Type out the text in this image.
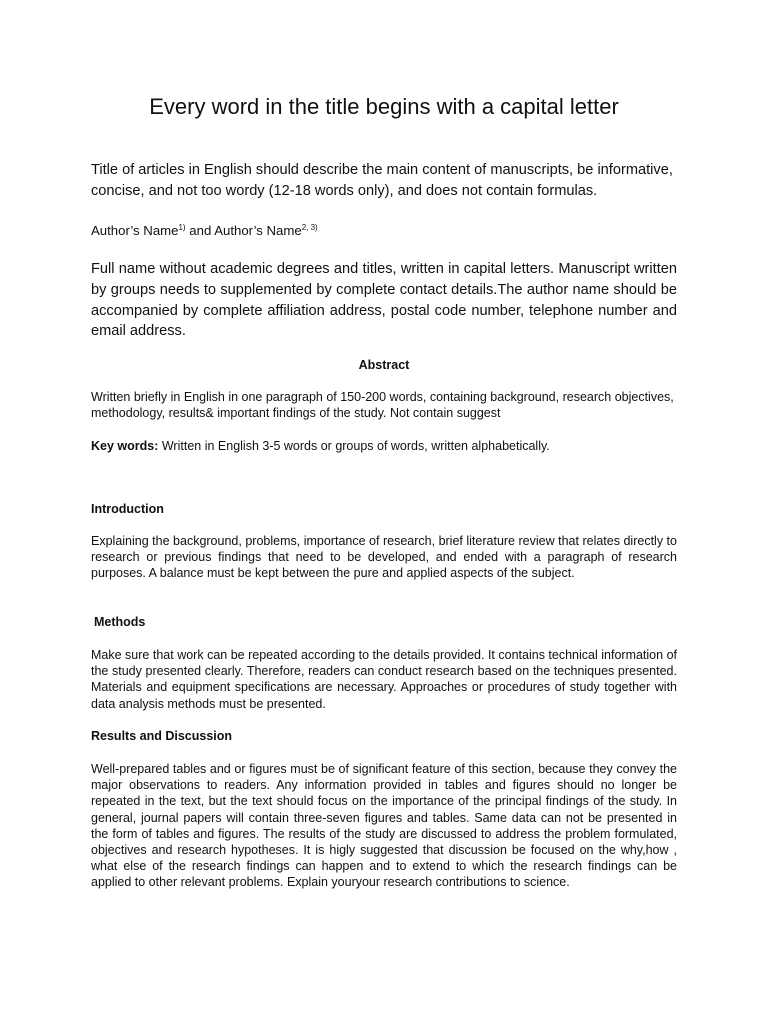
Every word in the title begins with a capital letter

Title of articles in English should describe the main content of manuscripts, be informative, concise, and not too wordy (12-18 words only), and does not contain formulas.

Author’s Name$^{1)}$ and Author’s Name$^{2, 3)}$

Full name without academic degrees and titles, written in capital letters. Manuscript written by groups needs to supplemented by complete contact details.The author name should be accompanied by complete affiliation address, postal code number, telephone number and email address.

Abstract

Written briefly in English in one paragraph of 150-200 words, containing background, research objectives, methodology, results& important findings of the study. Not contain suggest

Key words: Written in English 3-5 words or groups of words, written alphabetically.

Introduction

Explaining the background, problems, importance of research, brief literature review that relates directly to research or previous findings that need to be developed, and ended with a paragraph of research purposes. A balance must be kept between the pure and applied aspects of the subject.

Methods

Make sure that work can be repeated according to the details provided. It contains technical information of the study presented clearly. Therefore, readers can conduct research based on the techniques presented. Materials and equipment specifications are necessary. Approaches or procedures of study together with data analysis methods must be presented.

Results and Discussion

Well-prepared tables and or figures must be of significant feature of this section, because they convey the major observations to readers. Any information provided in tables and figures should no longer be repeated in the text, but the text should focus on the importance of the principal findings of the study. In general, journal papers will contain three-seven figures and tables. Same data can not be presented in the form of tables and figures. The results of the study are discussed to address the problem formulated, objectives and research hypotheses. It is higly suggested that discussion be focused on the why,how , what else of the research findings can happen and to extend to which the research findings can be applied to other relevant problems. Explain youryour research contributions to science.
